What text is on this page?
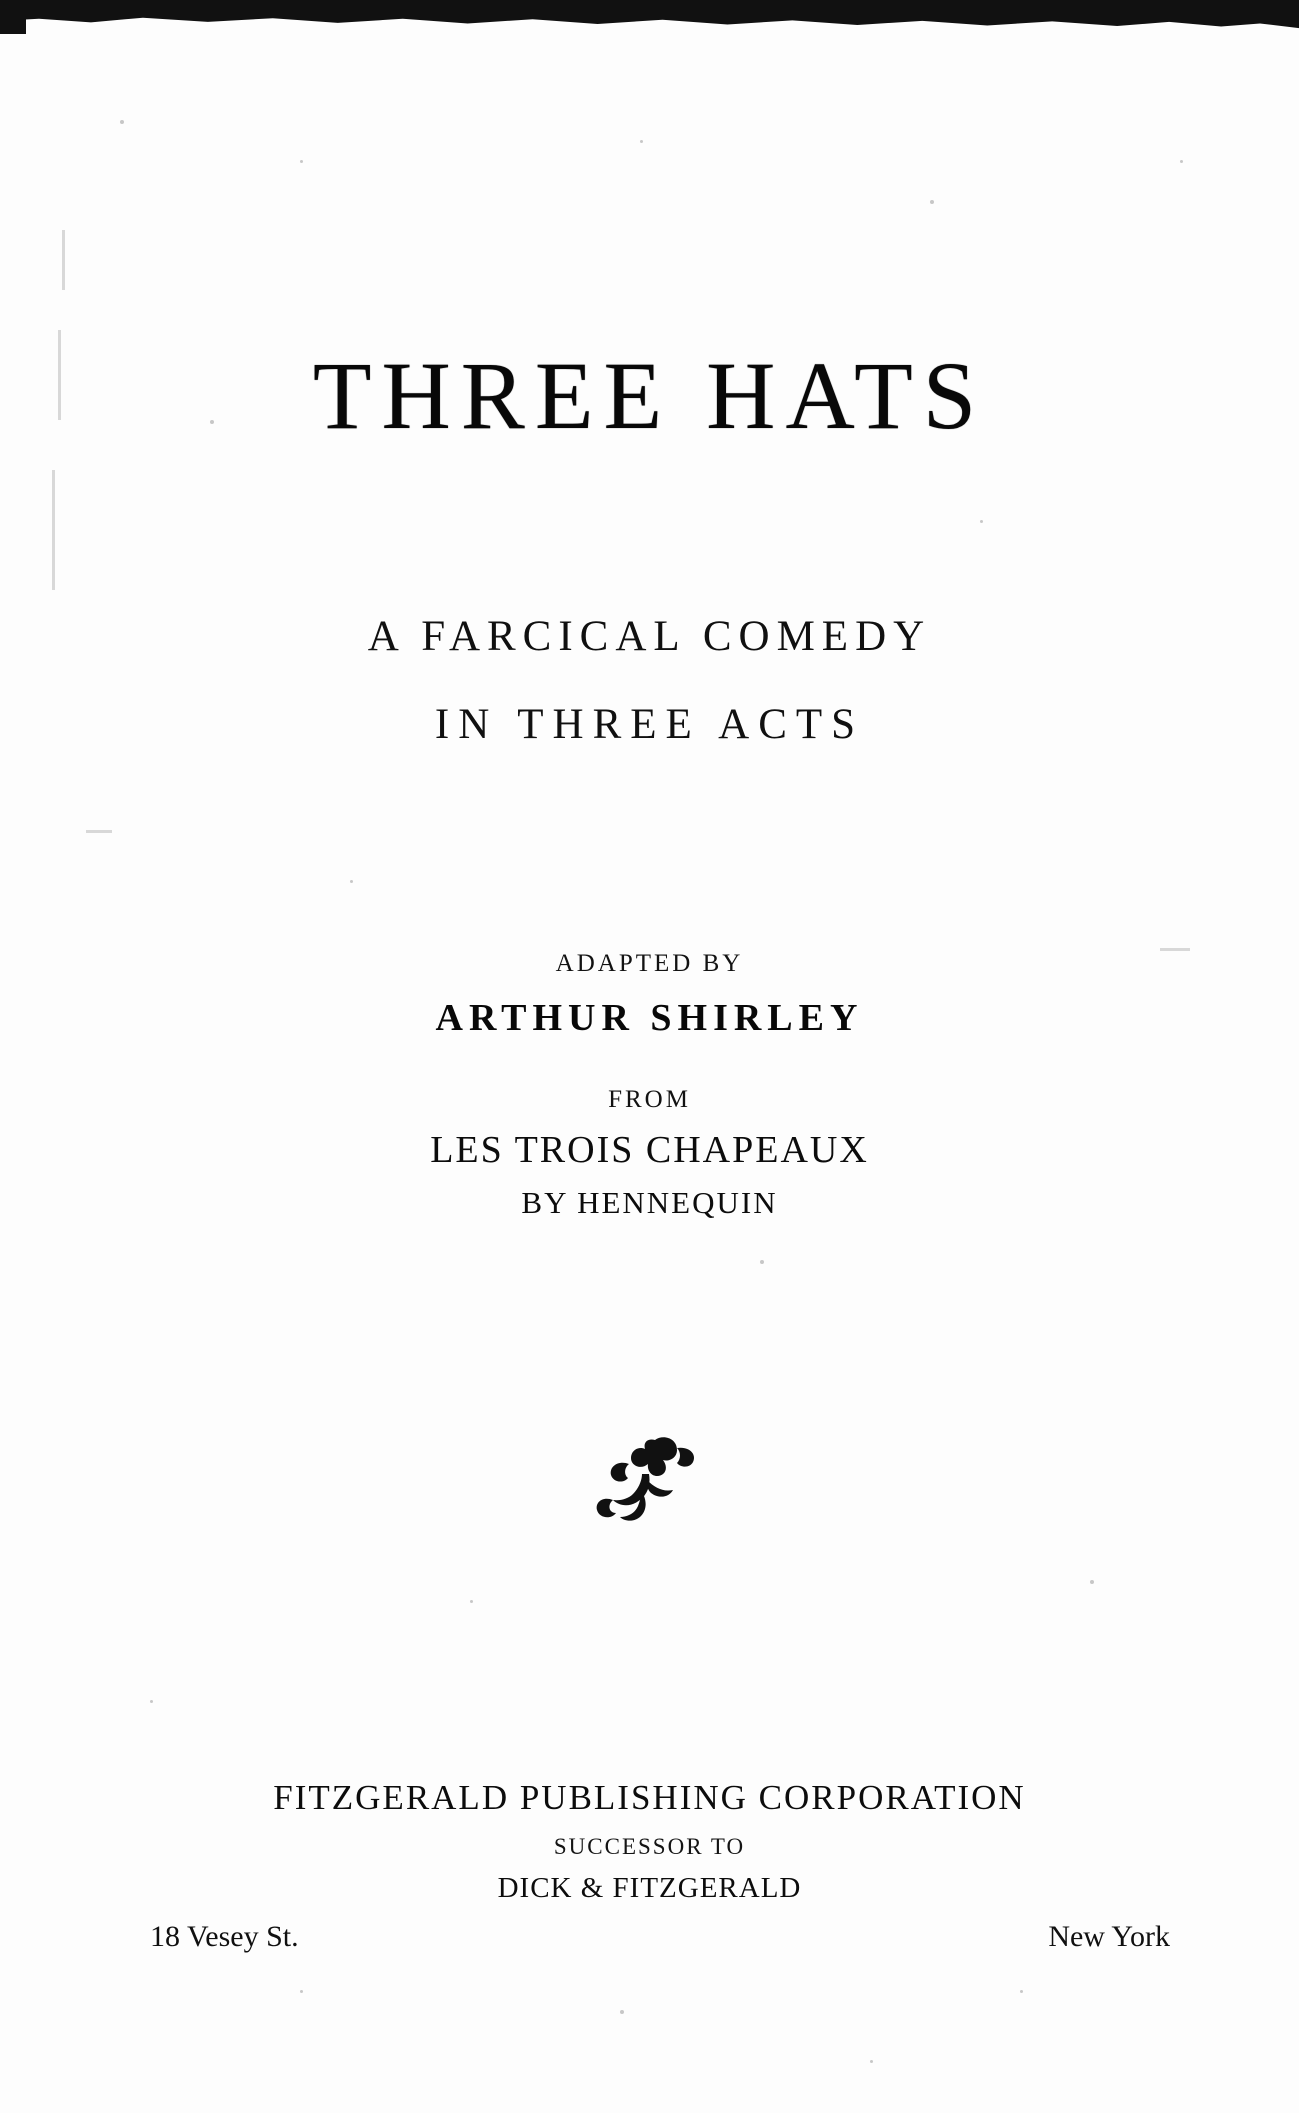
THREE HATS
A FARCICAL COMEDY
IN THREE ACTS
ADAPTED BY
ARTHUR SHIRLEY
FROM
LES TROIS CHAPEAUX
BY HENNEQUIN
FITZGERALD PUBLISHING CORPORATION
SUCCESSOR TO
DICK & FITZGERALD
18 Vesey St.	New York
